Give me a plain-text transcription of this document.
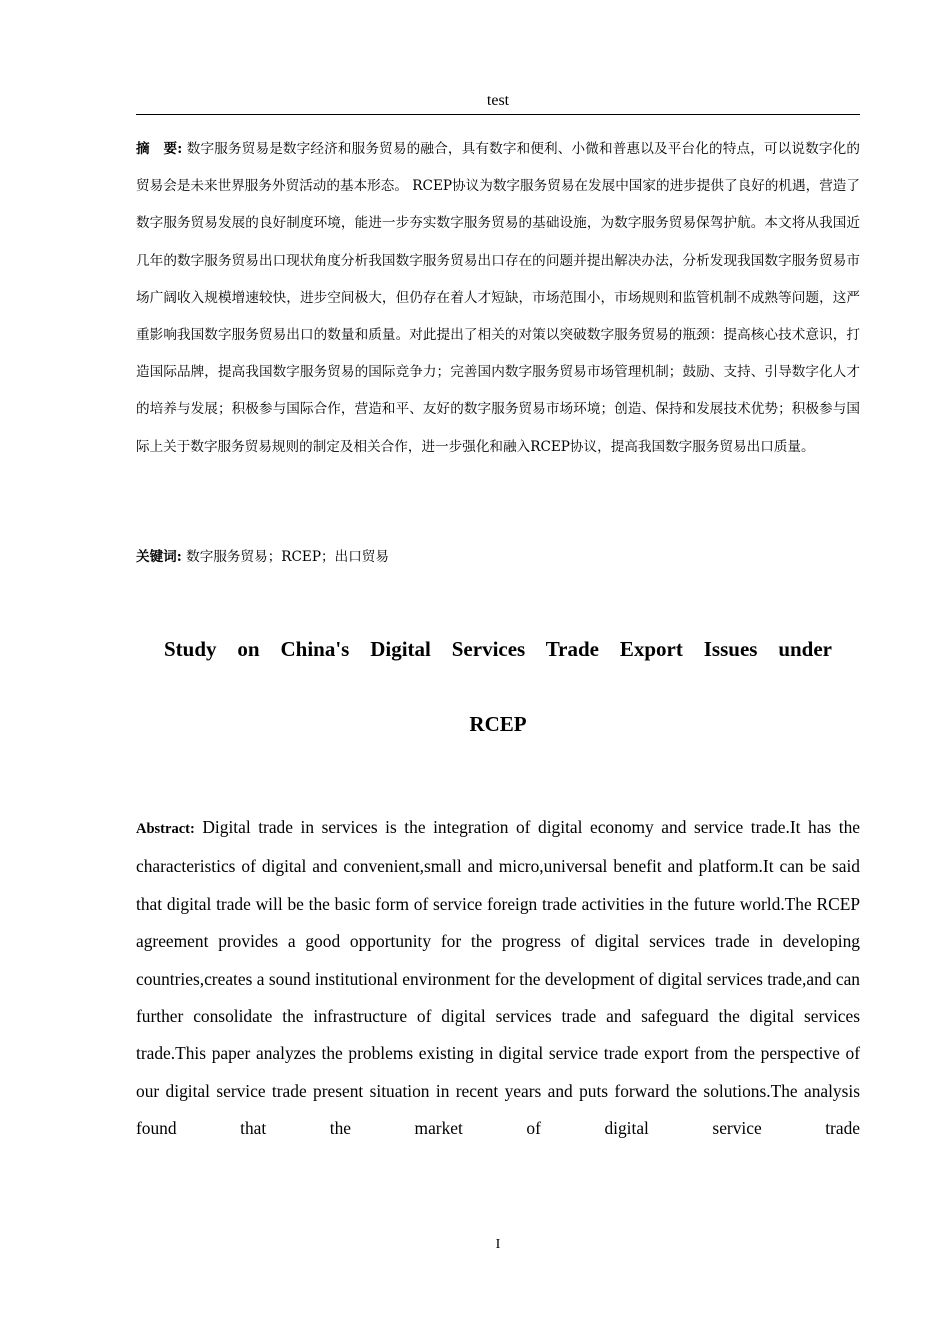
test
摘　要: 数字服务贸易是数字经济和服务贸易的融合，具有数字和便利、小微和普惠以及平台化的特点，可以说数字化的贸易会是未来世界服务外贸活动的基本形态。 RCEP协议为数字服务贸易在发展中国家的进步提供了良好的机遇，营造了数字服务贸易发展的良好制度环境，能进一步夯实数字服务贸易的基础设施，为数字服务贸易保驾护航。本文将从我国近几年的数字服务贸易出口现状角度分析我国数字服务贸易出口存在的问题并提出解决办法，分析发现我国数字服务贸易市场广阔收入规模增速较快，进步空间极大，但仍存在着人才短缺，市场范围小，市场规则和监管机制不成熟等问题，这严重影响我国数字服务贸易出口的数量和质量。对此提出了相关的对策以突破数字服务贸易的瓶颈：提高核心技术意识，打造国际品牌，提高我国数字服务贸易的国际竞争力；完善国内数字服务贸易市场管理机制；鼓励、支持、引导数字化人才的培养与发展；积极参与国际合作，营造和平、友好的数字服务贸易市场环境；创造、保持和发展技术优势；积极参与国际上关于数字服务贸易规则的制定及相关合作，进一步强化和融入RCEP协议，提高我国数字服务贸易出口质量。
关键词: 数字服务贸易；RCEP；出口贸易
Study on China's Digital Services Trade Export Issues under
RCEP
Abstract: Digital trade in services is the integration of digital economy and service trade.It has the characteristics of digital and convenient,small and micro,universal benefit and platform.It can be said that digital trade will be the basic form of service foreign trade activities in the future world.The RCEP agreement provides a good opportunity for the progress of digital services trade in developing countries,creates a sound institutional environment for the development of digital services trade,and can further consolidate the infrastructure of digital services trade and safeguard the digital services trade.This paper analyzes the problems existing in digital service trade export from the perspective of our digital service trade present situation in recent years and puts forward the solutions.The analysis found that the market of digital service trade
I
